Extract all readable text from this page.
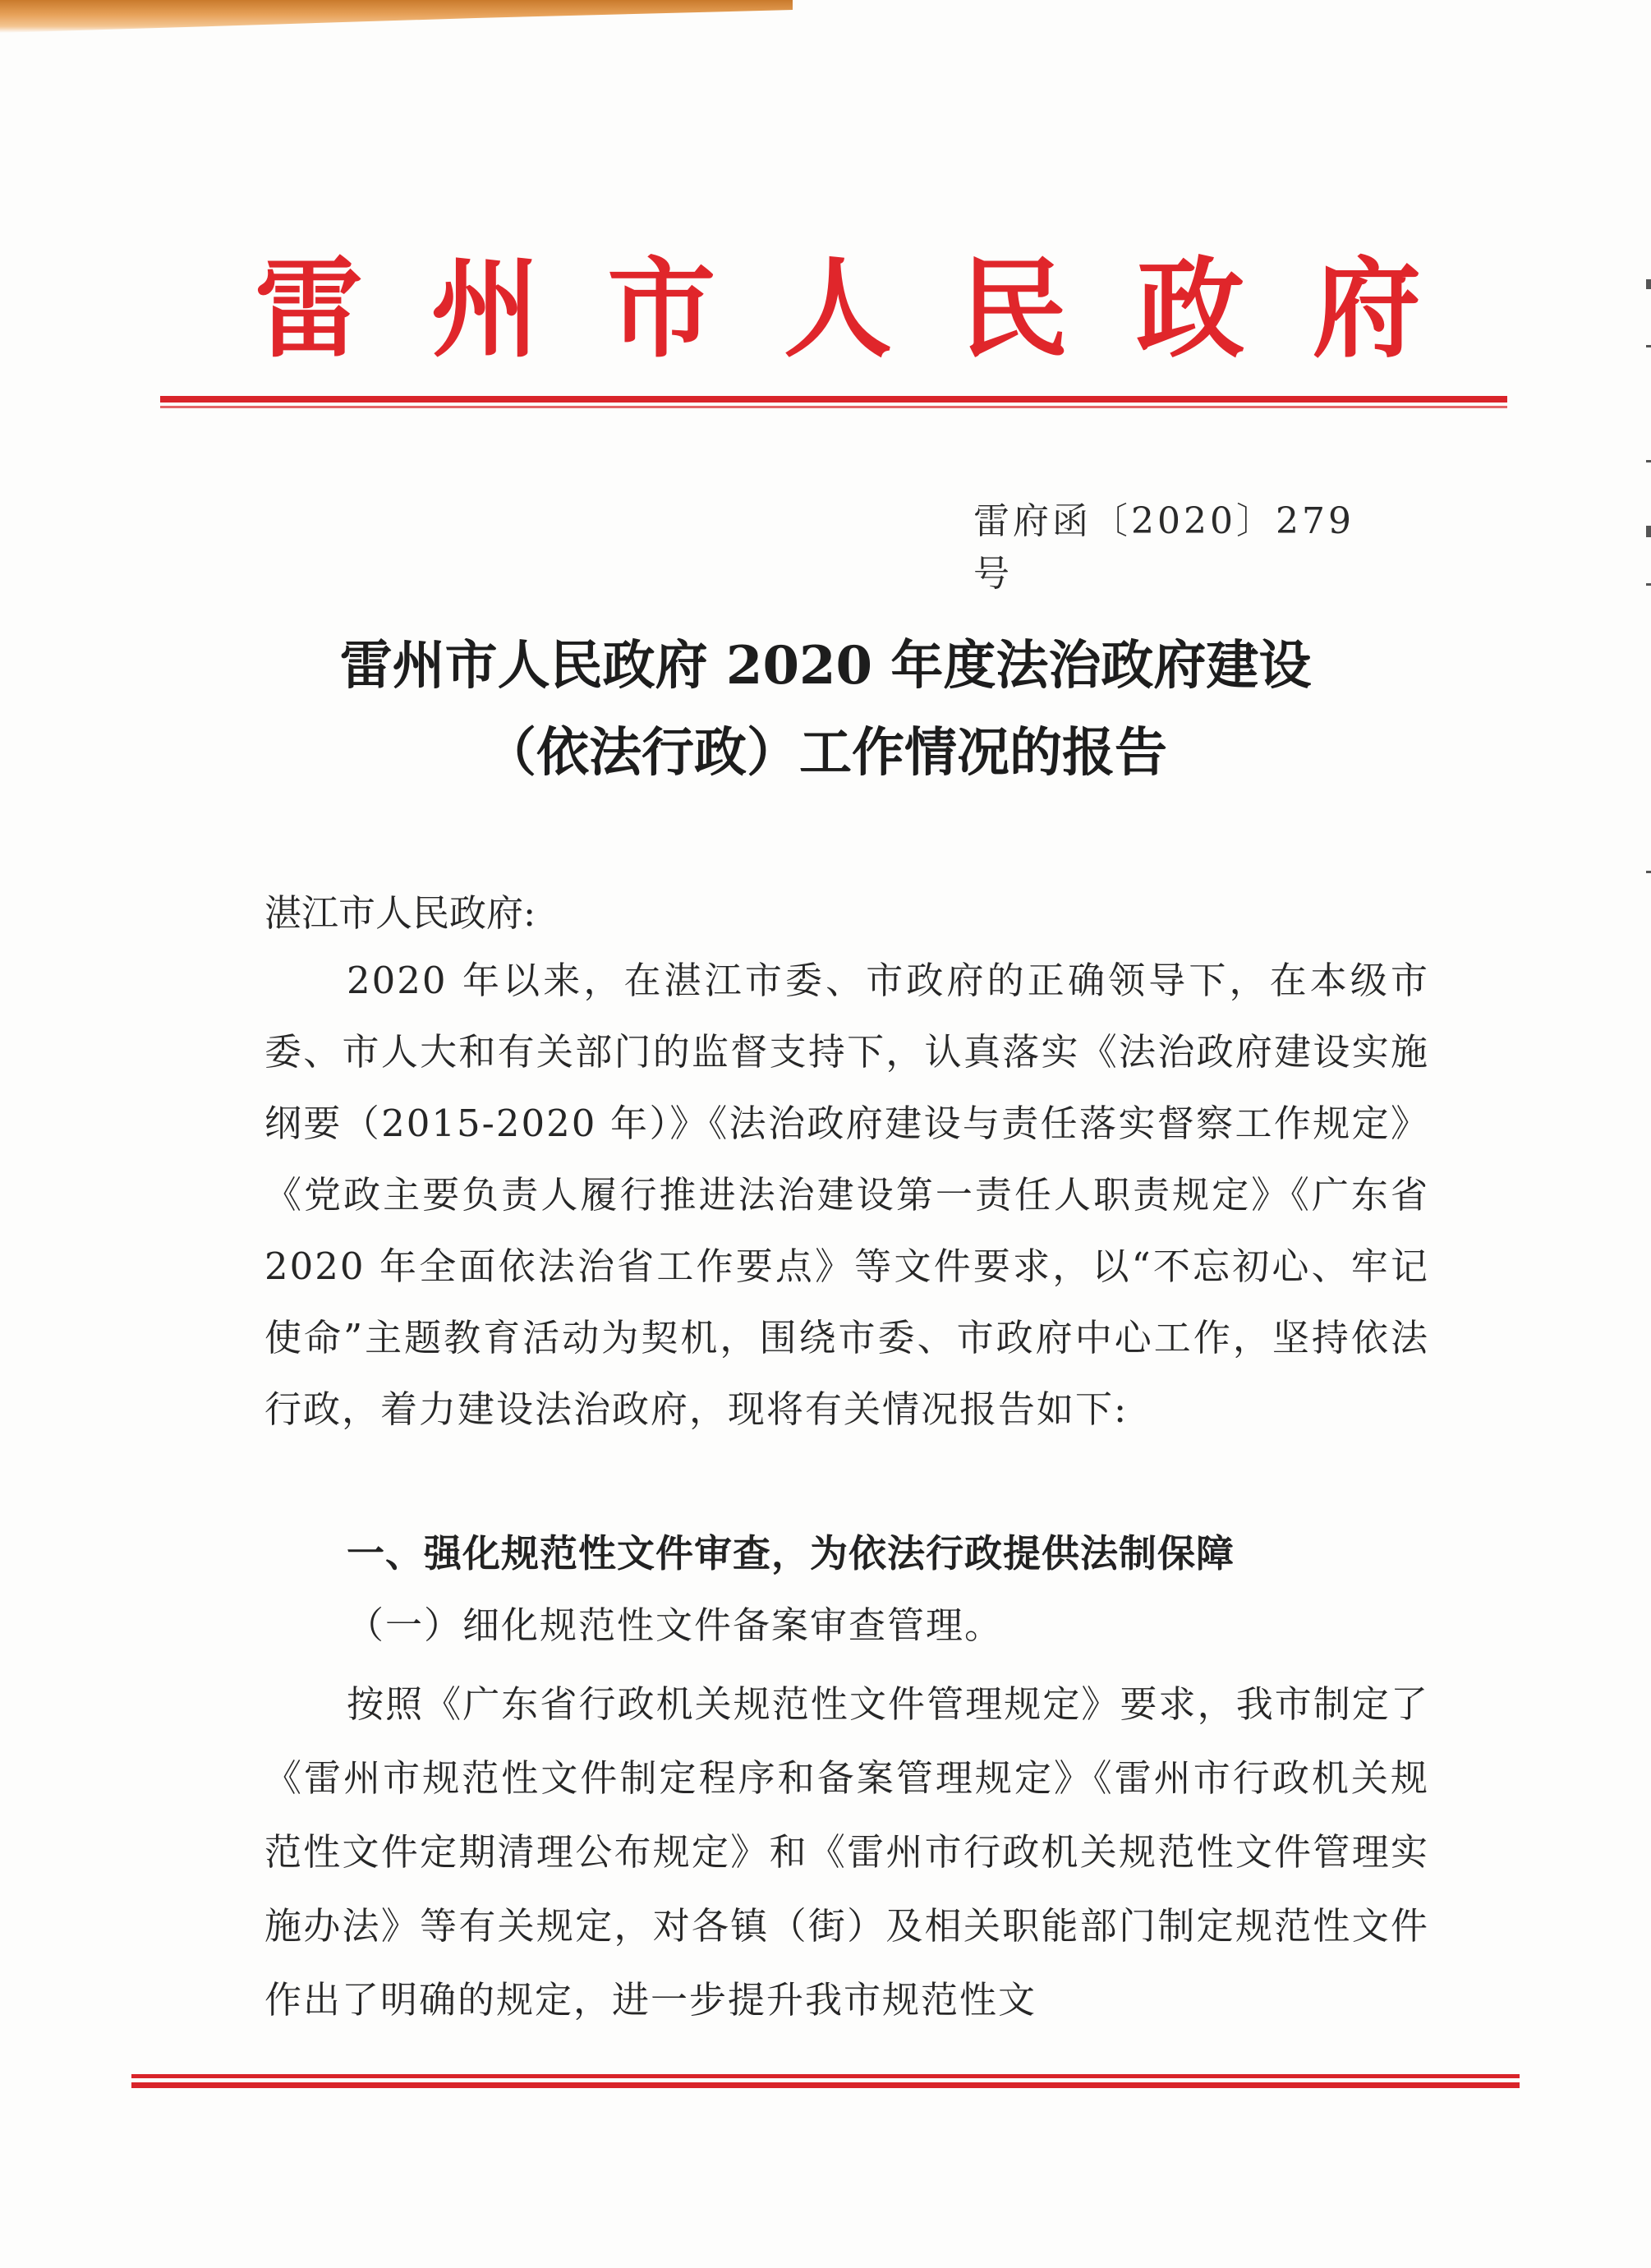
雷 州 市 人 民 政 府
雷府函〔2020〕279 号
雷州市人民政府 2020 年度法治政府建设
（依法行政）工作情况的报告
湛江市人民政府:
2020 年以来，在湛江市委、市政府的正确领导下，在本级市委、市人大和有关部门的监督支持下，认真落实《法治政府建设实施纲要（2015-2020 年）》《法治政府建设与责任落实督察工作规定》《党政主要负责人履行推进法治建设第一责任人职责规定》《广东省 2020 年全面依法治省工作要点》等文件要求，以“不忘初心、牢记使命”主题教育活动为契机，围绕市委、市政府中心工作，坚持依法行政，着力建设法治政府，现将有关情况报告如下:
一、强化规范性文件审查，为依法行政提供法制保障
（一）细化规范性文件备案审查管理。
按照《广东省行政机关规范性文件管理规定》要求，我市制定了《雷州市规范性文件制定程序和备案管理规定》《雷州市行政机关规范性文件定期清理公布规定》和《雷州市行政机关规范性文件管理实施办法》等有关规定，对各镇（街）及相关职能部门制定规范性文件作出了明确的规定，进一步提升我市规范性文
